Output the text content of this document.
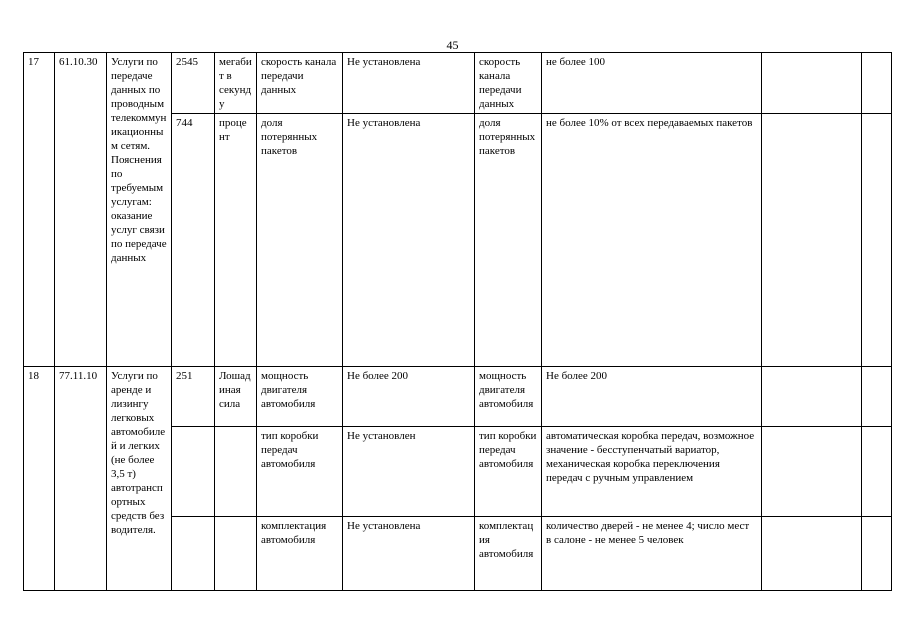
45
17	61.10.30	Услуги по передаче данных по проводным телекоммуникационным сетям. Пояснения по требуемым услугам: оказание услуг связи по передаче данных	2545	мегабит в секунду	скорость канала передачи данных	Не установлена	скорость канала передачи данных	не более 100		
			744	процент	доля потерянных пакетов	Не установлена	доля потерянных пакетов	не более 10% от всех передаваемых пакетов		
18	77.11.10	Услуги по аренде и лизингу легковых автомобилей и легких (не более 3,5 т) автотранспортных средств без водителя.	251	Лошадиная сила	мощность двигателя автомобиля	Не более 200	мощность двигателя автомобиля	Не более 200		
					тип коробки передач автомобиля	Не установлен	тип коробки передач автомобиля	автоматическая коробка передач, возможное значение - бесступенчатый вариатор, механическая коробка переключения передач с ручным управлением		
					комплектация автомобиля	Не установлена	комплектация автомобиля	количество дверей - не менее 4; число мест в салоне - не менее 5 человек		
